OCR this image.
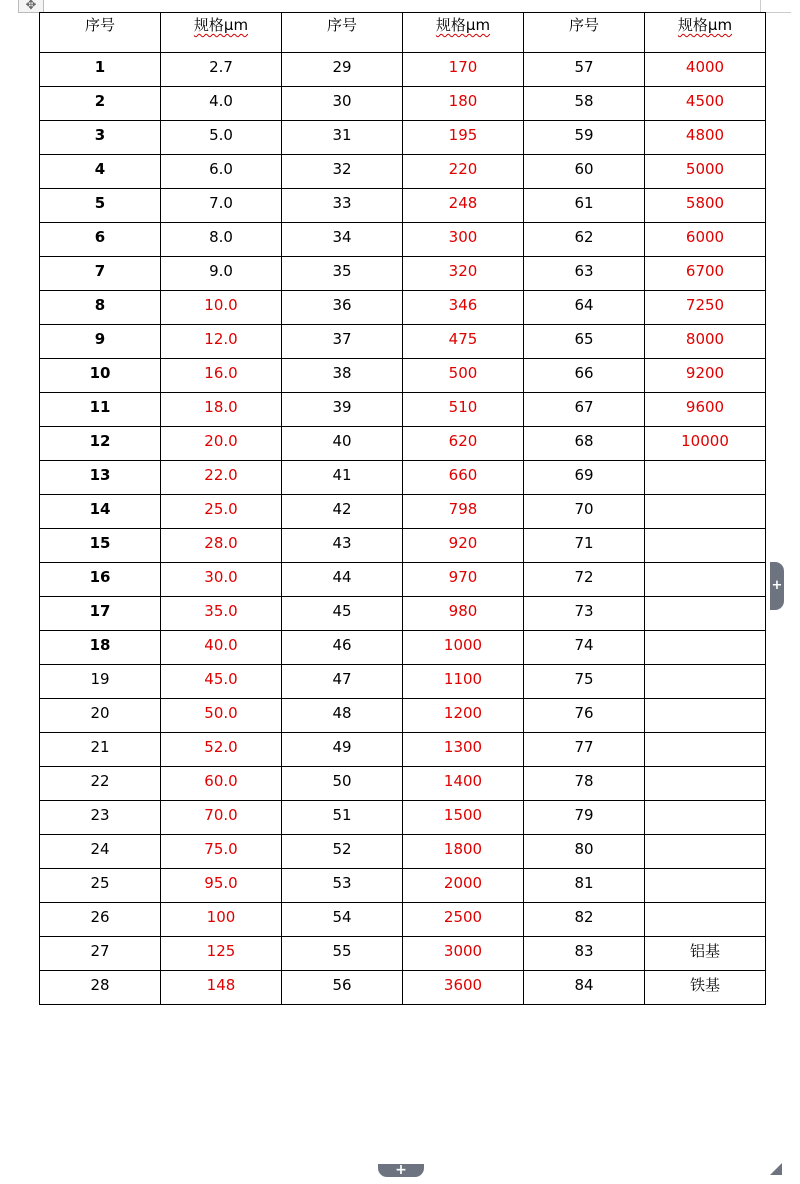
✥
序号	规格μm	序号	规格μm	序号	规格μm
1	2.7	29	170	57	4000
2	4.0	30	180	58	4500
3	5.0	31	195	59	4800
4	6.0	32	220	60	5000
5	7.0	33	248	61	5800
6	8.0	34	300	62	6000
7	9.0	35	320	63	6700
8	10.0	36	346	64	7250
9	12.0	37	475	65	8000
10	16.0	38	500	66	9200
11	18.0	39	510	67	9600
12	20.0	40	620	68	10000
13	22.0	41	660	69	
14	25.0	42	798	70	
15	28.0	43	920	71	
16	30.0	44	970	72	
17	35.0	45	980	73	
18	40.0	46	1000	74	
19	45.0	47	1100	75	
20	50.0	48	1200	76	
21	52.0	49	1300	77	
22	60.0	50	1400	78	
23	70.0	51	1500	79	
24	75.0	52	1800	80	
25	95.0	53	2000	81	
26	100	54	2500	82	
27	125	55	3000	83	铝基
28	148	56	3600	84	铁基
+
+
